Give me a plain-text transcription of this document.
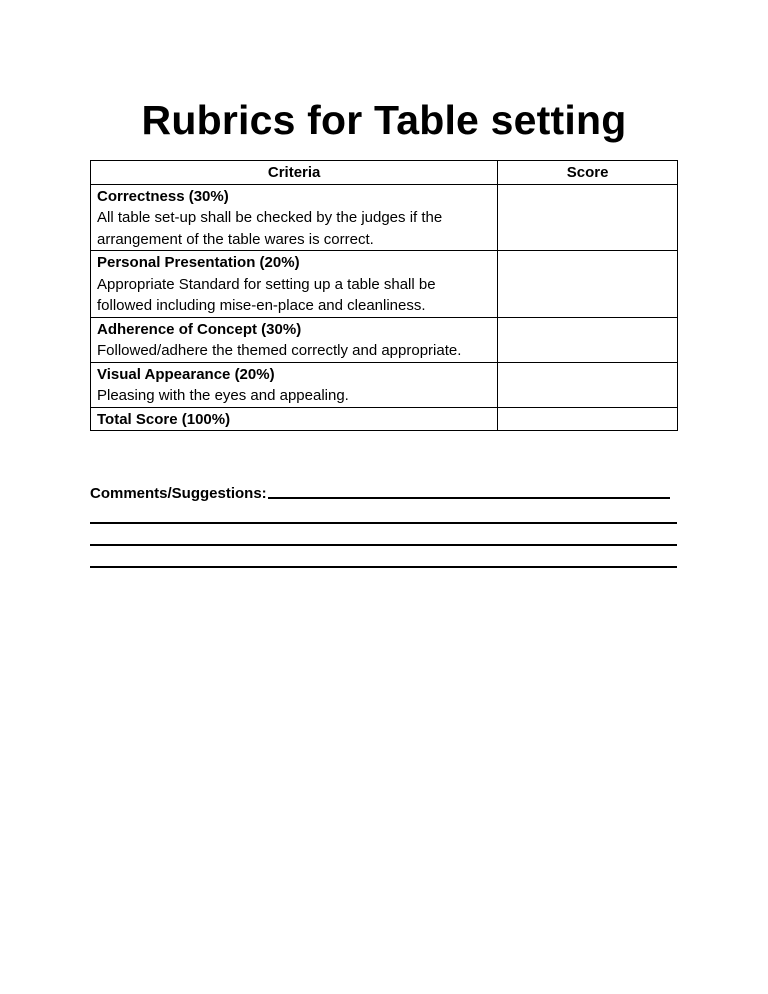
Rubrics for Table setting
Criteria	Score

Correctness (30%)
All table set-up shall be checked by the judges if the arrangement of the table wares is correct.	

Personal Presentation (20%)
Appropriate Standard for setting up a table shall be followed including mise-en-place and cleanliness.	

Adherence of Concept (30%)
Followed/adhere the themed correctly and appropriate.	

Visual Appearance (20%)
Pleasing with the eyes and appealing.	

Total Score (100%)	

Comments/Suggestions:
